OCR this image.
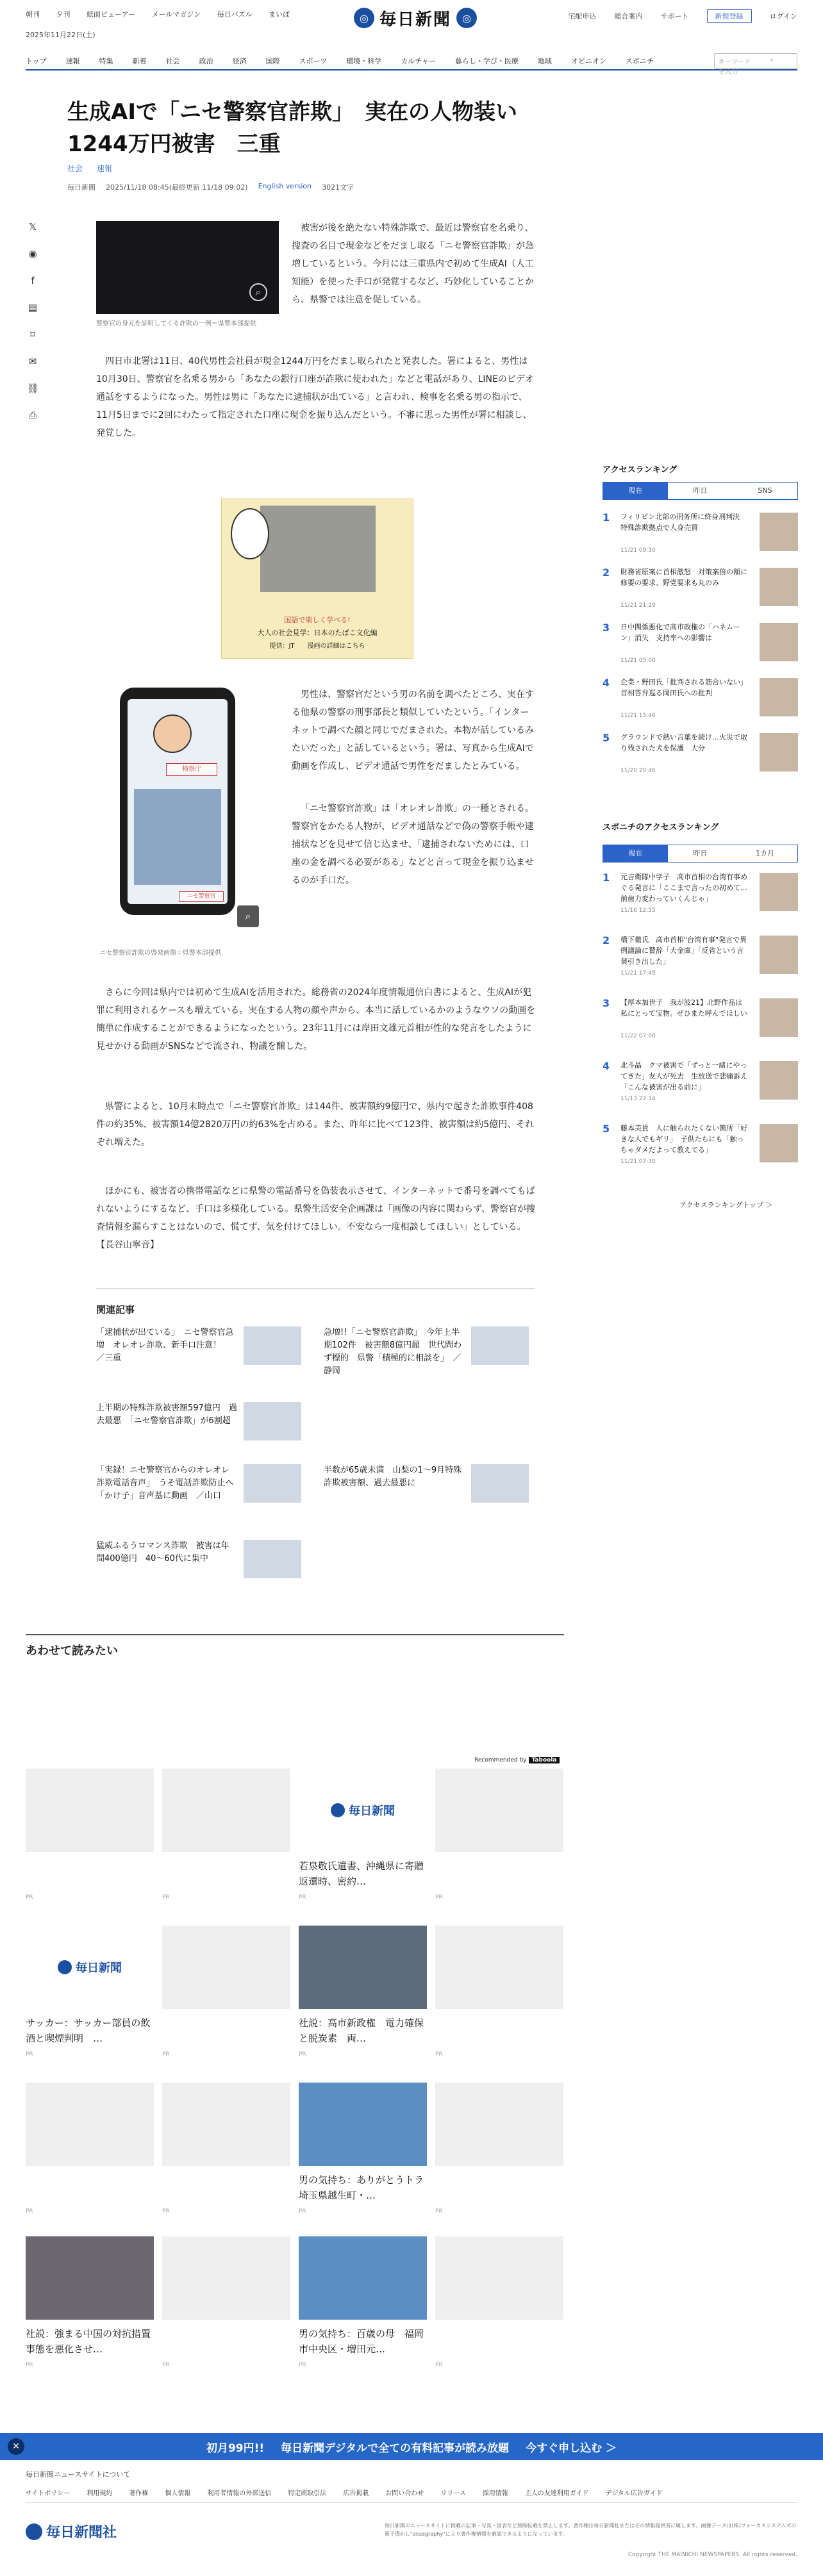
朝刊 夕刊 紙面ビューアー メールマガジン 毎日パズル まいぽ	宅配申込	総合案内	サポート	新規登録	ログイン
◎ 毎日新聞	◎
2025年11月22日(土)
トップ	速報	特集	新着	社会	政治	経済	国際	スポーツ	環境・科学	カルチャー	暮らし・学び・医療	地域	オピニオン	スポニチ	キーワードを入力
⌕
生成AIで「ニセ警察官詐欺」　実在の人物装い1244万円被害　三重
社会 速報
毎日新聞 2025/11/18 08:45(最終更新 11/18 09:02) English version 3021文字
𝕏
◉
f
▤
⌑
✉
⛓
⎙
⌕
警察官の身元を証明してくる詐欺の一例＝県警本部提供

被害が後を絶たない特殊詐欺で、最近は警察官を名乗り、捜査の名目で現金などをだまし取る「ニセ警察官詐欺」が急増しているという。今月には三重県内で初めて生成AI（人工知能）を使った手口が発覚するなど、巧妙化していることから、県警では注意を促している。

四日市北署は11日、40代男性会社員が現金1244万円をだまし取られたと発表した。署によると、男性は10月30日、警察官を名乗る男から「あなたの銀行口座が詐欺に使われた」などと電話があり、LINEのビデオ通話をするようになった。男性は男に「あなたに逮捕状が出ている」と言われ、検事を名乗る男の指示で、11月5日までに2回にわたって指定された口座に現金を振り込んだという。不審に思った男性が署に相談し、発覚した。

国語で楽しく学べる!
大人の社会見学：日本のたばこ文化編
提供：JT　　漫画の詳細はこちら
検察庁
ニセ警察官
⌕
ニセ警察官詐欺の啓発画像＝県警本部提供

男性は、警察官だという男の名前を調べたところ、実在する他県の警察の刑事部長と類似していたという。「インターネットで調べた顔と同じでだまされた。本物が話しているみたいだった」と話しているという。署は、写真から生成AIで動画を作成し、ビデオ通話で男性をだましたとみている。

「ニセ警察官詐欺」は「オレオレ詐欺」の一種とされる。警察官をかたる人物が、ビデオ通話などで偽の警察手帳や逮捕状などを見せて信じ込ませ、「逮捕されないためには、口座の金を調べる必要がある」などと言って現金を振り込ませるのが手口だ。

さらに今回は県内では初めて生成AIを活用された。総務省の2024年度情報通信白書によると、生成AIが犯罪に利用されるケースも増えている。実在する人物の顔や声から、本当に話しているかのようなウソの動画を簡単に作成することができるようになったという。23年11月には岸田文雄元首相が性的な発言をしたように見せかける動画がSNSなどで流され、物議を醸した。

県警によると、10月末時点で「ニセ警察官詐欺」は144件、被害額約9億円で、県内で起きた詐欺事件408件の約35%、被害額14億2820万円の約63%を占める。また、昨年に比べて123件、被害額は約5億円、それぞれ増えた。

ほかにも、被害者の携帯電話などに県警の電話番号を偽装表示させて、インターネットで番号を調べてもばれないようにするなど、手口は多様化している。県警生活安全企画課は「画像の内容に関わらず、警察官が捜査情報を漏らすことはないので、慌てず、気を付けてほしい。不安なら一度相談してほしい」としている。【長谷山寧音】

関連記事
「逮捕状が出ている」　ニセ警察官急増　オレオレ詐欺、新手口注意！　／三重
急増!!「ニセ警察官詐欺」　今年上半期102件　被害額8億円超　世代問わず標的　県警「積極的に相談を」　／静岡
上半期の特殊詐欺被害額597億円　過去最悪　「ニセ警察官詐欺」が6割超
「実録！ニセ警察官からのオレオレ詐欺電話音声」　うそ電話詐欺防止へ　「かけ子」音声基に動画　／山口
半数が65歳未満　山梨の1～9月特殊詐欺被害額、過去最悪に
猛威ふるうロマンス詐欺　被害は年間400億円　40～60代に集中
あわせて読みたい
Recommended by Taboola
PR	PR
毎日新聞
若泉敬氏遺書、沖縄県に寄贈　返還時、密約…
PR	PR
毎日新聞
サッカー：サッカー部員の飲酒と喫煙判明　…
PR	PR
社説：高市新政権　電力確保と脱炭素　両…
PR	PR
PR	PR
男の気持ち：ありがとうトラ　埼玉県越生町・…
PR	PR
社説：強まる中国の対抗措置　事態を悪化させ…
PR	PR
男の気持ち：百歳の母　福岡市中央区・増田元…
PR	PR
アクセスランキング
現在	昨日	SNS
1 フィリピン北部の刑务所に終身刑判決　特殊詐欺拠点で人身売買
11/21 09:30
2 財務省原案に首相激怒　対策案倍の額に修要の要求、野党要求も丸のみ
11/21 21:29
3 日中関係悪化で高市政権の「ハネムーン」消失　支持率への影響は
11/21 05:00
4 企業・野田氏「批判される筋合いない」　首相答弁巡る岡田氏への批判
11/21 15:46
5 グラウンドで熱い言葉を続け…火災で取り残された犬を保護　大分
11/20 20:46
スポニチのアクセスランキング
現在	昨日	1カ月
1 元吉衛隊中学子　高市首相の台湾有事めぐる発言に「ここまで言ったの初めて…前歯力変わっていくんじゃ」
11/16 12:55
2 橋下徹氏　高市首相"台湾有事"発言で異例議論に賛辞「大金庫」「反省という言葉引き出した」
11/21 17:45
3 【厚本加世子　我が波21】北野作品は私にとって宝物。ぜひまた呼んでほしい
11/22 07:00
4 北斗晶　クマ被害で「ずっと一緒にやってきた」友人が死去　生放送で悲痛訴え「こんな被害が出る前に」
11/13 22:14
5 藤本美貴　人に触られたくない箇所「好きな人でもギリ」　子供たちにも「触っちゃダメだよって教えてる」
11/21 07:30
アクセスランキングトップ ＞
✕	初月99円!! 毎日新聞デジタルで全ての有料記事が読み放題 今すぐ申し込む ＞
毎日新聞ニュースサイトについて
サイトポリシー	利用規約	著作権	個人情報	利用者情報の外部送信	特定商取引法	広告掲載	お問い合わせ	リリース	採用情報	主人の友達利用ガイド	デジタル広告ガイド
毎日新聞社	毎日新聞のニュースサイトに掲載の記事・写真・図表など無断転載を禁止します。著作権は毎日新聞社またはその情報提供者に属します。画像データは(株)フォーカスシステムズの電子透かし"acuagraphy"により著作権情報を確認できるようになっています。
Copyright THE MAINICHI NEWSPAPERS. All rights reserved.
